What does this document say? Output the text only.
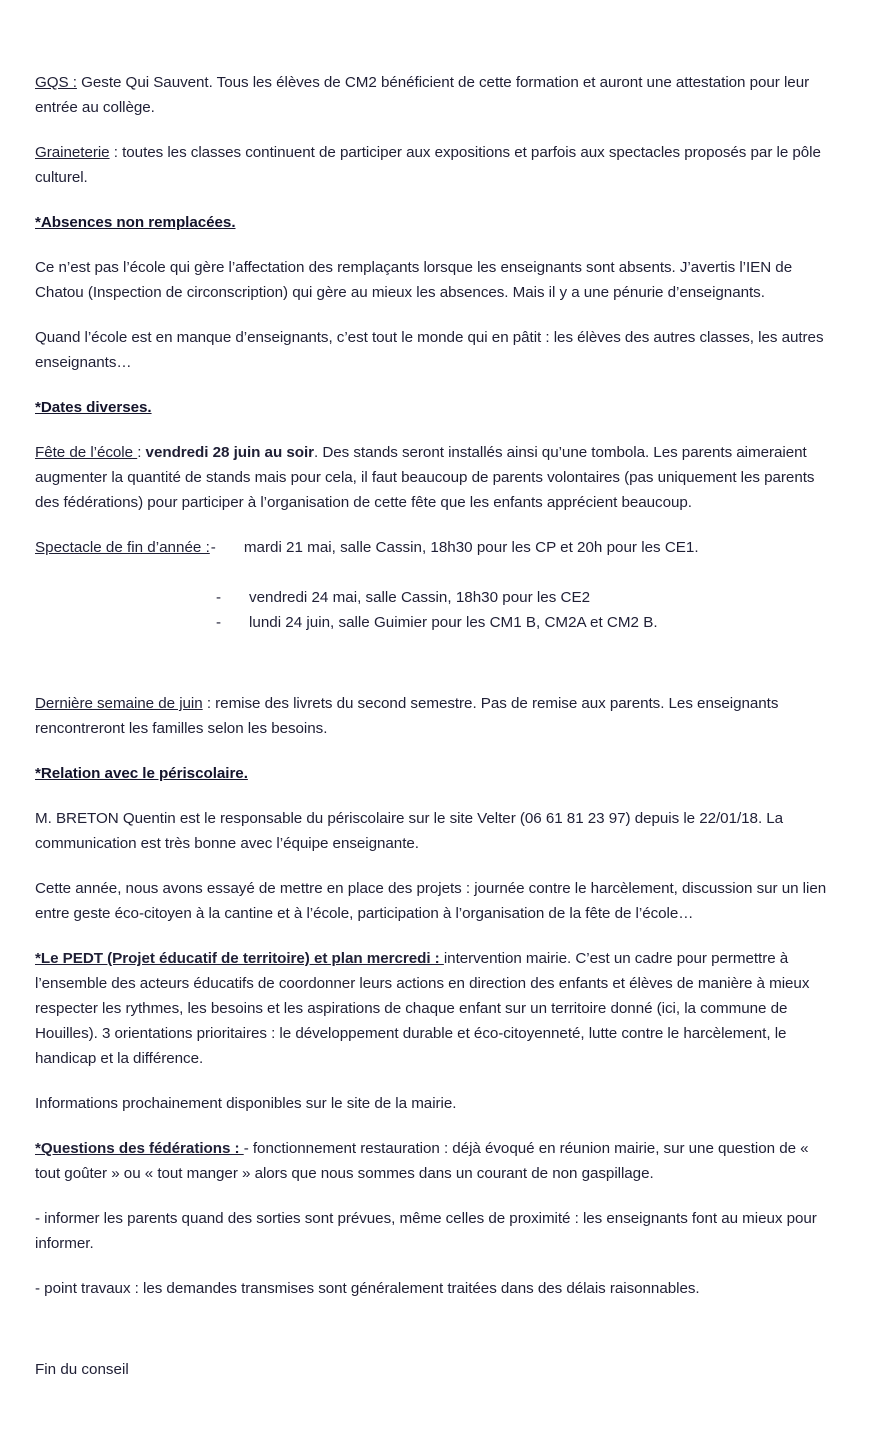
GQS : Geste Qui Sauvent. Tous les élèves de CM2 bénéficient de cette formation et auront une attestation pour leur entrée au collège.

Graineterie : toutes les classes continuent de participer aux expositions et parfois aux spectacles proposés par le pôle culturel.

*Absences non remplacées.

Ce n’est pas l’école qui gère l’affectation des remplaçants lorsque les enseignants sont absents. J’avertis l’IEN de Chatou (Inspection de circonscription) qui gère au mieux les absences. Mais il y a une pénurie d’enseignants.

Quand l’école est en manque d’enseignants, c’est tout le monde qui en pâtit : les élèves des autres classes, les autres enseignants…

*Dates diverses.

Fête de l’école : vendredi 28 juin au soir. Des stands seront installés ainsi qu’une tombola. Les parents aimeraient augmenter la quantité de stands mais pour cela, il faut beaucoup de parents volontaires (pas uniquement les parents des fédérations) pour participer à l’organisation de cette fête que les enfants apprécient beaucoup.

Spectacle de fin d’année : - mardi 21 mai, salle Cassin, 18h30 pour les CP et 20h pour les CE1.
-	vendredi 24 mai, salle Cassin, 18h30 pour les CE2
-	lundi 24 juin, salle Guimier pour les CM1 B, CM2A et CM2 B.

Dernière semaine de juin : remise des livrets du second semestre. Pas de remise aux parents. Les enseignants rencontreront les familles selon les besoins.

*Relation avec le périscolaire.

M. BRETON Quentin est le responsable du périscolaire sur le site Velter (06 61 81 23 97) depuis le 22/01/18. La communication est très bonne avec l’équipe enseignante.

Cette année, nous avons essayé de mettre en place des projets : journée contre le harcèlement, discussion sur un lien entre geste éco-citoyen à la cantine et à l’école, participation à l’organisation de la fête de l’école…

*Le PEDT (Projet éducatif de territoire) et plan mercredi : intervention mairie. C’est un cadre pour permettre à l’ensemble des acteurs éducatifs de coordonner leurs actions en direction des enfants et élèves de manière à mieux respecter les rythmes, les besoins et les aspirations de chaque enfant sur un territoire donné (ici, la commune de Houilles). 3 orientations prioritaires : le développement durable et éco-citoyenneté, lutte contre le harcèlement, le handicap et la différence.

Informations prochainement disponibles sur le site de la mairie.

*Questions des fédérations : - fonctionnement restauration : déjà évoqué en réunion mairie, sur une question de « tout goûter » ou « tout manger » alors que nous sommes dans un courant de non gaspillage.

- informer les parents quand des sorties sont prévues, même celles de proximité : les enseignants font au mieux pour informer.

- point travaux : les demandes transmises sont généralement traitées dans des délais raisonnables.

Fin du conseil
